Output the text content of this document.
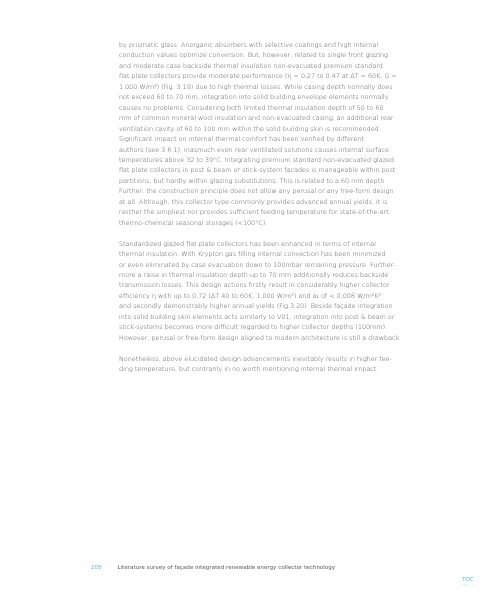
by prismatic glass. Anorganic absorbers with selective coatings and high internal
conduction values optimize conversion. But, however, related to single front glazing
and moderate case backside thermal insulation non-evacuated premium standard
flat plate collectors provide moderate performance (η = 0,27 to 0,47 at ΔT = 60K, G =
1.000 W/m²) (Fig. 3.19) due to high thermal losses. While casing depth normally does
not exceed 60 to 70 mm, integration into solid building envelope elements normally
causes no problems. Considering both limited thermal insulation depth of 50 to 60
mm of common mineral wool insulation and non-evacuated casing, an additional rear
ventilation cavity of 60 to 100 mm within the solid building skin is recommended.
Significant impact on internal thermal comfort has been verified by different
authors (see 3.6.1), inasmuch even rear ventilated solutions causes internal surface
temperatures above 32 to 39°C. Integrating premium standard non-evacuated glazed
flat plate collectors in post & beam or stick-system facades is manageable within post
partitions, but hardly within glazing substitutions. This is related to a 60 mm depth.
Further, the construction principle does not allow any perusal or any free-form design
at all. Although, this collector type commonly provides advanced annual yields, it is
neither the simpliest nor provides sufficient feeding temperature for state-of-the-art
thermo-chemical seasonal storages (<100°C).
Standardized glazed flat plate collectors has been enhanced in terms of internal
thermal insulation. With Krypton gas filling internal convection has been minimized
or even eliminated by case evacuation down to 100mbar remaining pressure. Further-
more a raise in thermal insulation depth up to 70 mm additionally reduces backside
transmission losses. This design actions firstly result in considerably higher collector
efficiency η with up to 0,72 (ΔT 40 to 60K, 1.000 W/m²) and a₁ of < 0,008 W/m²K²
and secondly demonstrably higher annual yields (Fig.3.20). Beside façade integration
into solid building skin elements acts similarly to V01, integration into post & beam or
stick-systems becomes more difficult regarded to higher collector depths (100mm).
However, perusal or free-form design aligned to modern architecture is still a drawback.
Nonetheless, above elucidated design advancements inevitably results in higher fee-
ding temperature, but contrarily in no worth mentioning internal thermal impact.
205	Literature survey of façade integrated renewable energy collector technology
TOC
